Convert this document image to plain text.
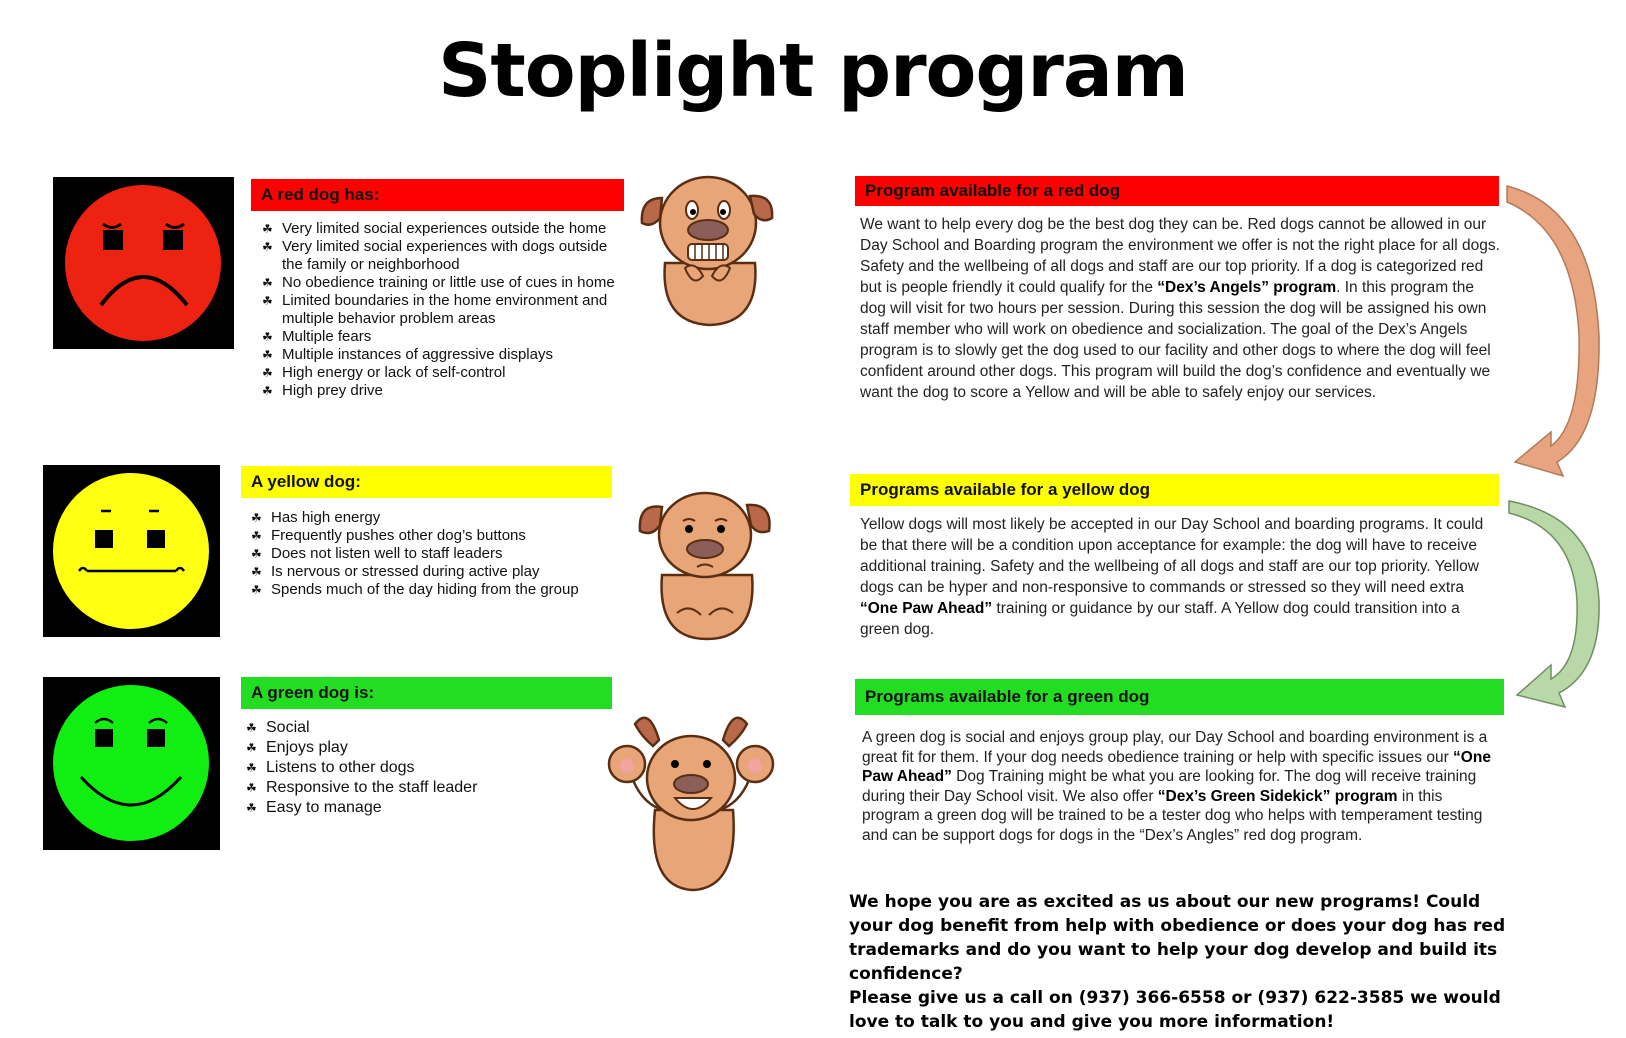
Stoplight program
A red dog has:
☘ Very limited social experiences outside the home
☘ Very limited social experiences with dogs outside the family or neighborhood
☘ No obedience training or little use of cues in home
☘ Limited boundaries in the home environment and multiple behavior problem areas
☘ Multiple fears
☘ Multiple instances of aggressive displays
☘ High energy or lack of self-control
☘ High prey drive
A yellow dog:
☘ Has high energy
☘ Frequently pushes other dog’s buttons
☘ Does not listen well to staff leaders
☘ Is nervous or stressed during active play
☘ Spends much of the day hiding from the group
A green dog is:
☘ Social
☘ Enjoys play
☘ Listens to other dogs
☘ Responsive to the staff leader
☘ Easy to manage
Program available for a red dog
We want to help every dog be the best dog they can be. Red dogs cannot be allowed in our Day School and Boarding program the environment we offer is not the right place for all dogs. Safety and the wellbeing of all dogs and staff are our top priority. If a dog is categorized red but is people friendly it could qualify for the “Dex’s Angels” program. In this program the dog will visit for two hours per session. During this session the dog will be assigned his own staff member who will work on obedience and socialization. The goal of the Dex’s Angels program is to slowly get the dog used to our facility and other dogs to where the dog will feel confident around other dogs. This program will build the dog’s confidence and eventually we want the dog to score a Yellow and will be able to safely enjoy our services.
Programs available for a yellow dog
Yellow dogs will most likely be accepted in our Day School and boarding programs. It could be that there will be a condition upon acceptance for example: the dog will have to receive additional training. Safety and the wellbeing of all dogs and staff are our top priority. Yellow dogs can be hyper and non-responsive to commands or stressed so they will need extra “One Paw Ahead” training or guidance by our staff. A Yellow dog could transition into a green dog.
Programs available for a green dog
A green dog is social and enjoys group play, our Day School and boarding environment is a great fit for them. If your dog needs obedience training or help with specific issues our “One Paw Ahead” Dog Training might be what you are looking for. The dog will receive training during their Day School visit. We also offer “Dex’s Green Sidekick” program in this program a green dog will be trained to be a tester dog who helps with temperament testing and can be support dogs for dogs in the “Dex’s Angles” red dog program.
We hope you are as excited as us about our new programs! Could your dog benefit from help with obedience or does your dog has red trademarks and do you want to help your dog develop and build its confidence?
Please give us a call on (937) 366-6558 or (937) 622-3585 we would love to talk to you and give you more information!
